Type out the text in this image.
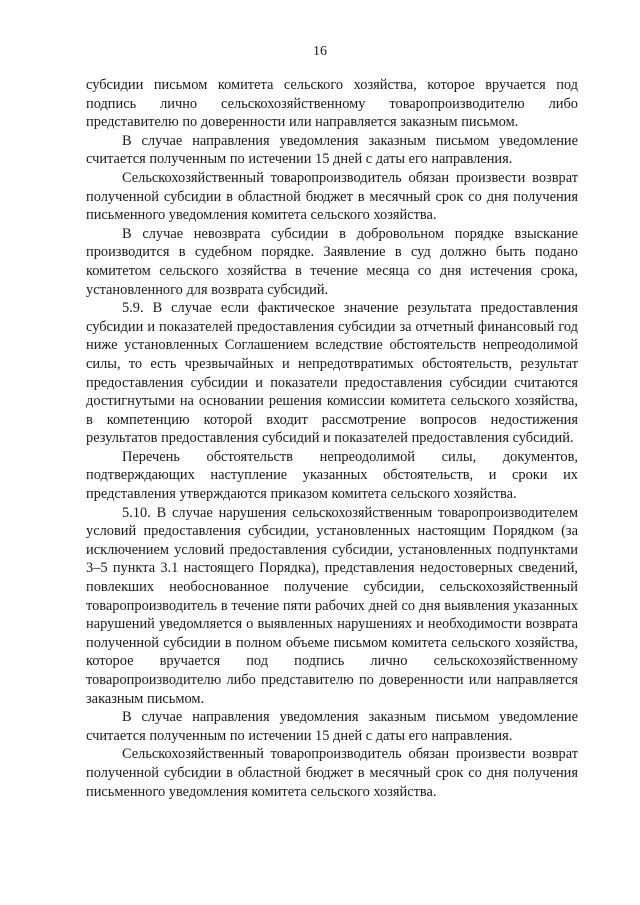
16

субсидии письмом комитета сельского хозяйства, которое вручается под подпись лично сельскохозяйственному товаропроизводителю либо представителю по доверенности или направляется заказным письмом.

В случае направления уведомления заказным письмом уведомление считается полученным по истечении 15 дней с даты его направления.

Сельскохозяйственный товаропроизводитель обязан произвести возврат полученной субсидии в областной бюджет в месячный срок со дня получения письменного уведомления комитета сельского хозяйства.

В случае невозврата субсидии в добровольном порядке взыскание производится в судебном порядке. Заявление в суд должно быть подано комитетом сельского хозяйства в течение месяца со дня истечения срока, установленного для возврата субсидий.

5.9. В случае если фактическое значение результата предоставления субсидии и показателей предоставления субсидии за отчетный финансовый год ниже установленных Соглашением вследствие обстоятельств непреодолимой силы, то есть чрезвычайных и непредотвратимых обстоятельств, результат предоставления субсидии и показатели предоставления субсидии считаются достигнутыми на основании решения комиссии комитета сельского хозяйства, в компетенцию которой входит рассмотрение вопросов недостижения результатов предоставления субсидий и показателей предоставления субсидий.

Перечень обстоятельств непреодолимой силы, документов, подтверждающих наступление указанных обстоятельств, и сроки их представления утверждаются приказом комитета сельского хозяйства.

5.10. В случае нарушения сельскохозяйственным товаропроизводителем условий предоставления субсидии, установленных настоящим Порядком (за исключением условий предоставления субсидии, установленных подпунктами 3–5 пункта 3.1 настоящего Порядка), представления недостоверных сведений, повлекших необоснованное получение субсидии, сельскохозяйственный товаропроизводитель в течение пяти рабочих дней со дня выявления указанных нарушений уведомляется о выявленных нарушениях и необходимости возврата полученной субсидии в полном объеме письмом комитета сельского хозяйства, которое вручается под подпись лично сельскохозяйственному товаропроизводителю либо представителю по доверенности или направляется заказным письмом.

В случае направления уведомления заказным письмом уведомление считается полученным по истечении 15 дней с даты его направления.

Сельскохозяйственный товаропроизводитель обязан произвести возврат полученной субсидии в областной бюджет в месячный срок со дня получения письменного уведомления комитета сельского хозяйства.
